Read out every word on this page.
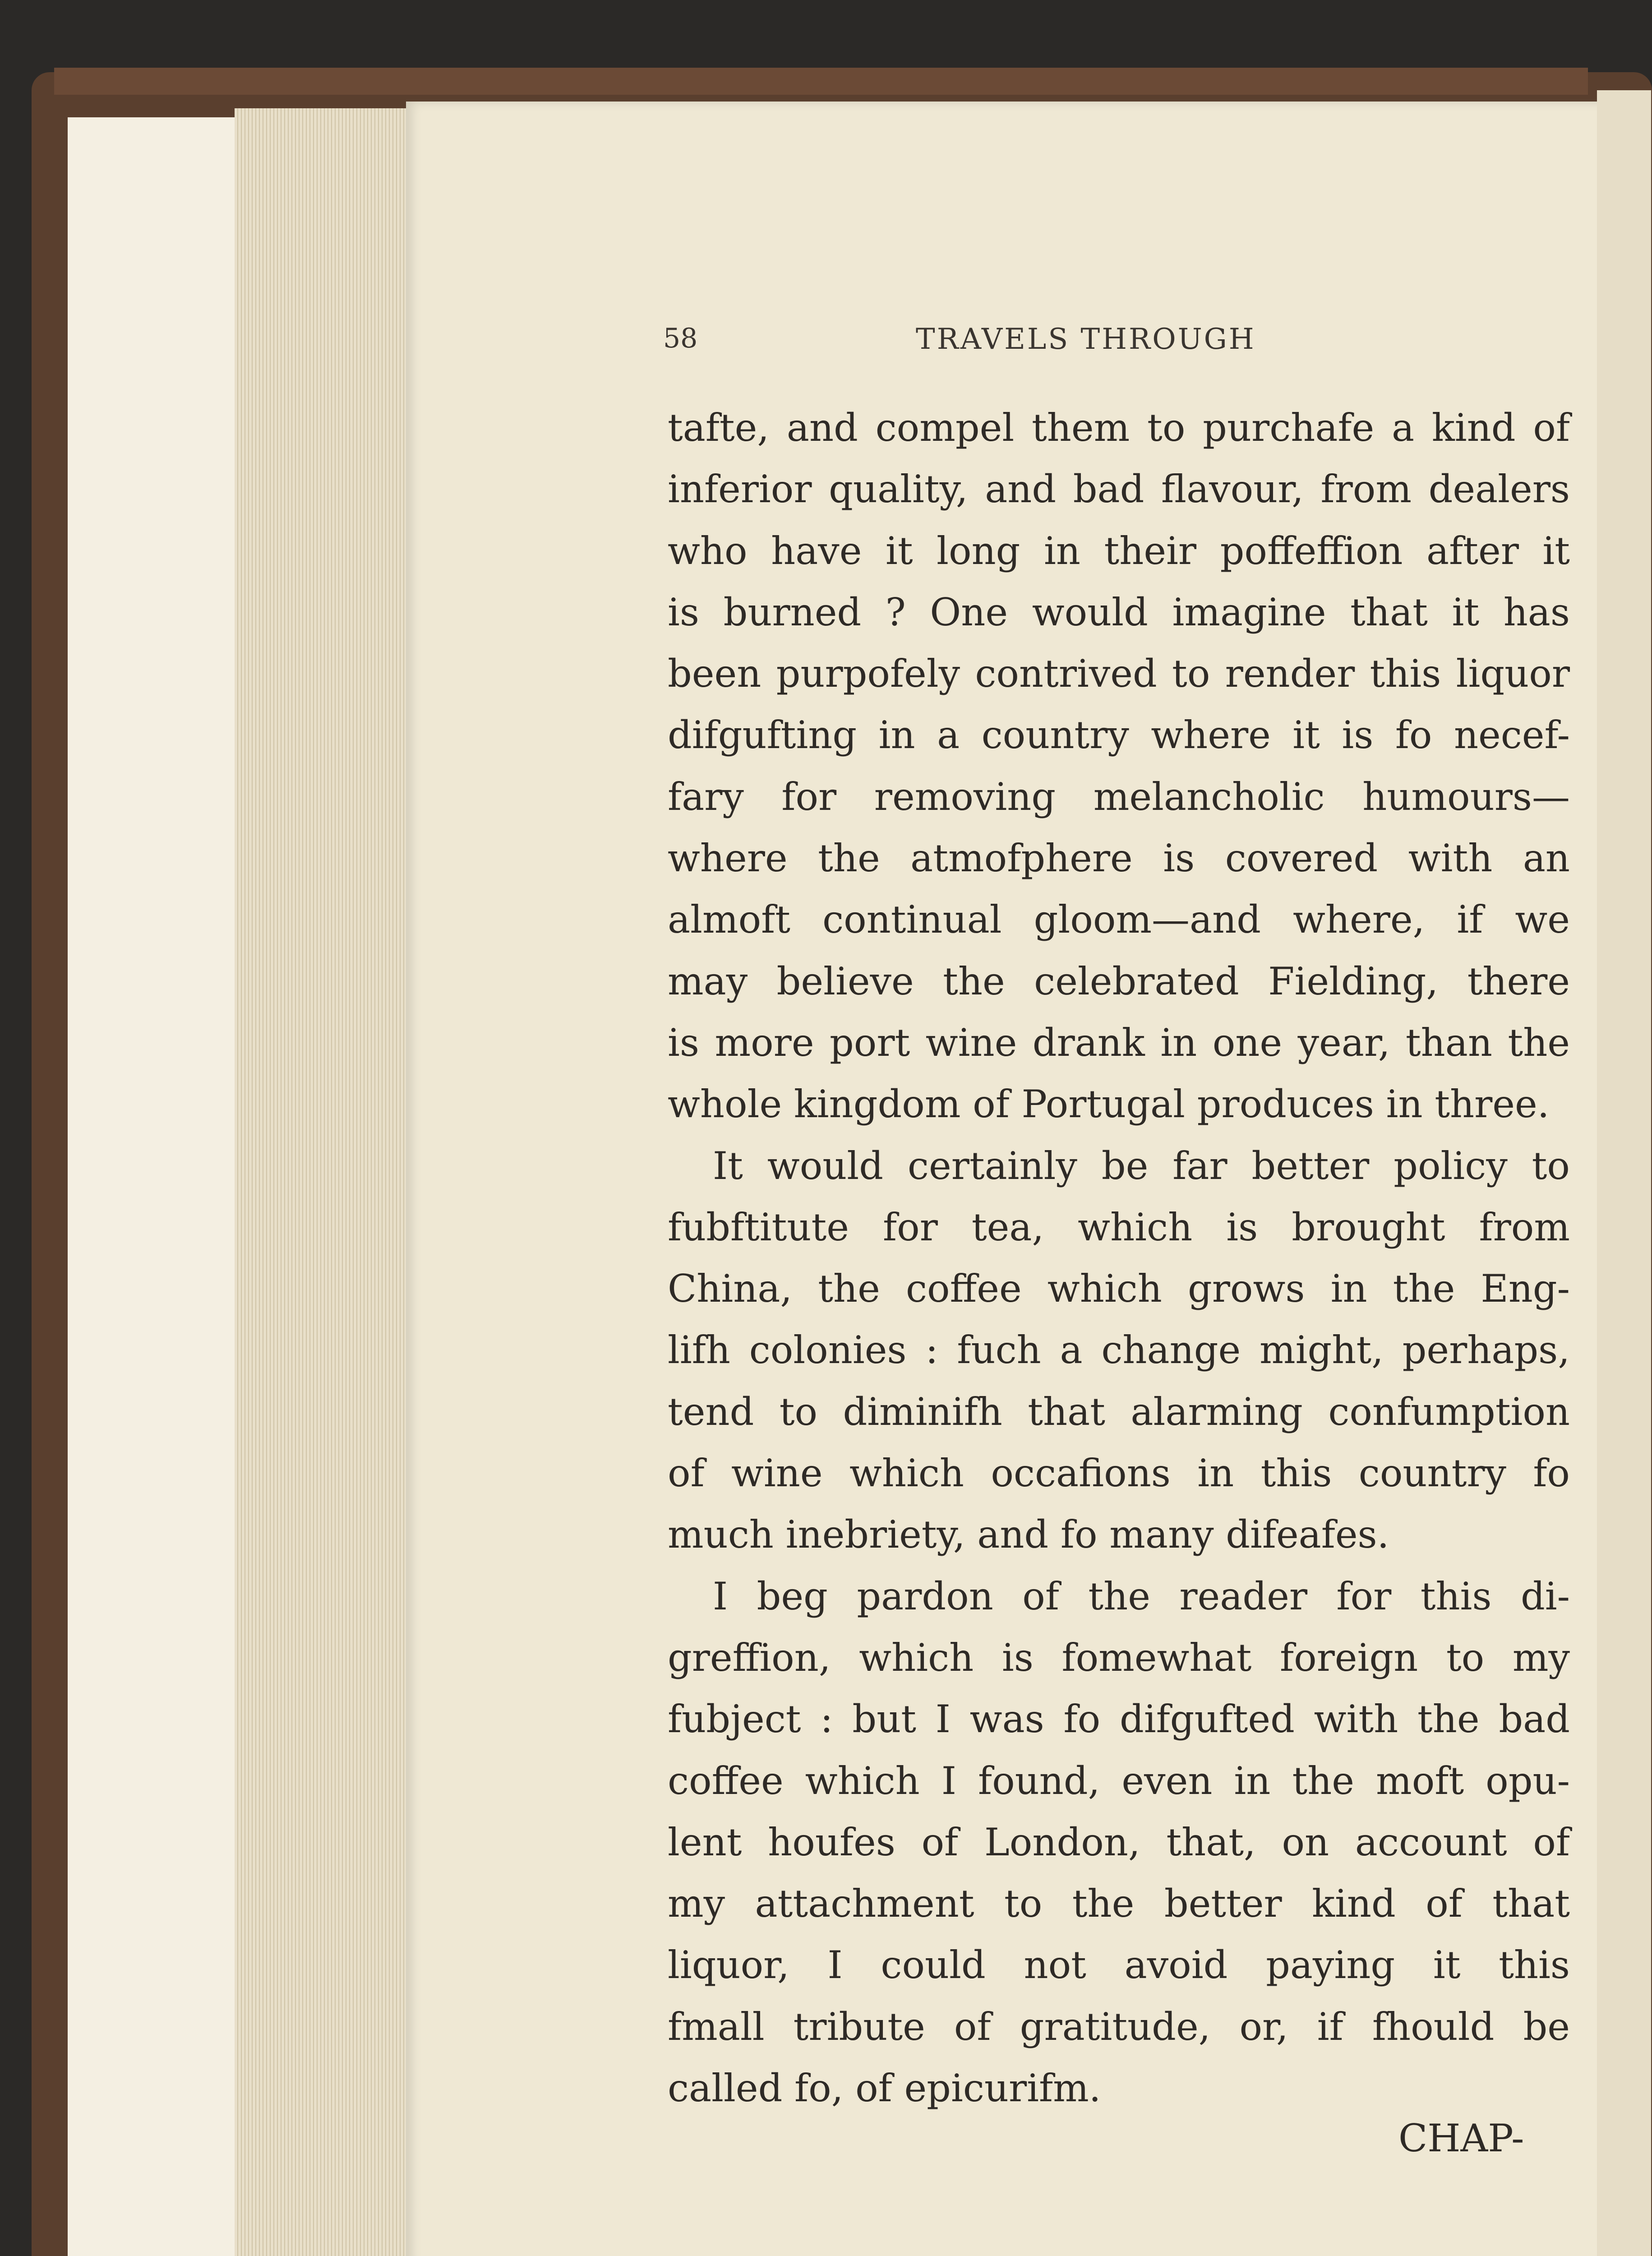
58	TRAVELS THROUGH
tafte, and compel them to purchafe a kind of
inferior quality, and bad flavour, from dealers
who have it long in their poffeffion after it
is burned ? One would imagine that it has
been purpofely contrived to render this liquor
difgufting in a country where it is fo necef-
fary for removing melancholic humours—
where the atmofphere is covered with an
almoft continual gloom—and where, if we
may believe the celebrated Fielding, there
is more port wine drank in one year, than the
whole kingdom of Portugal produces in three.
It would certainly be far better policy to
fubftitute for tea, which is brought from
China, the coffee which grows in the Eng-
lifh colonies : fuch a change might, perhaps,
tend to diminifh that alarming confumption
of wine which occafions in this country fo
much inebriety, and fo many difeafes.
I beg pardon of the reader for this di-
greffion, which is fomewhat foreign to my
fubject : but I was fo difgufted with the bad
coffee which I found, even in the moft opu-
lent houfes of London, that, on account of
my attachment to the better kind of that
liquor, I could not avoid paying it this
fmall tribute of gratitude, or, if fhould be
called fo, of epicurifm.
CHAP-
